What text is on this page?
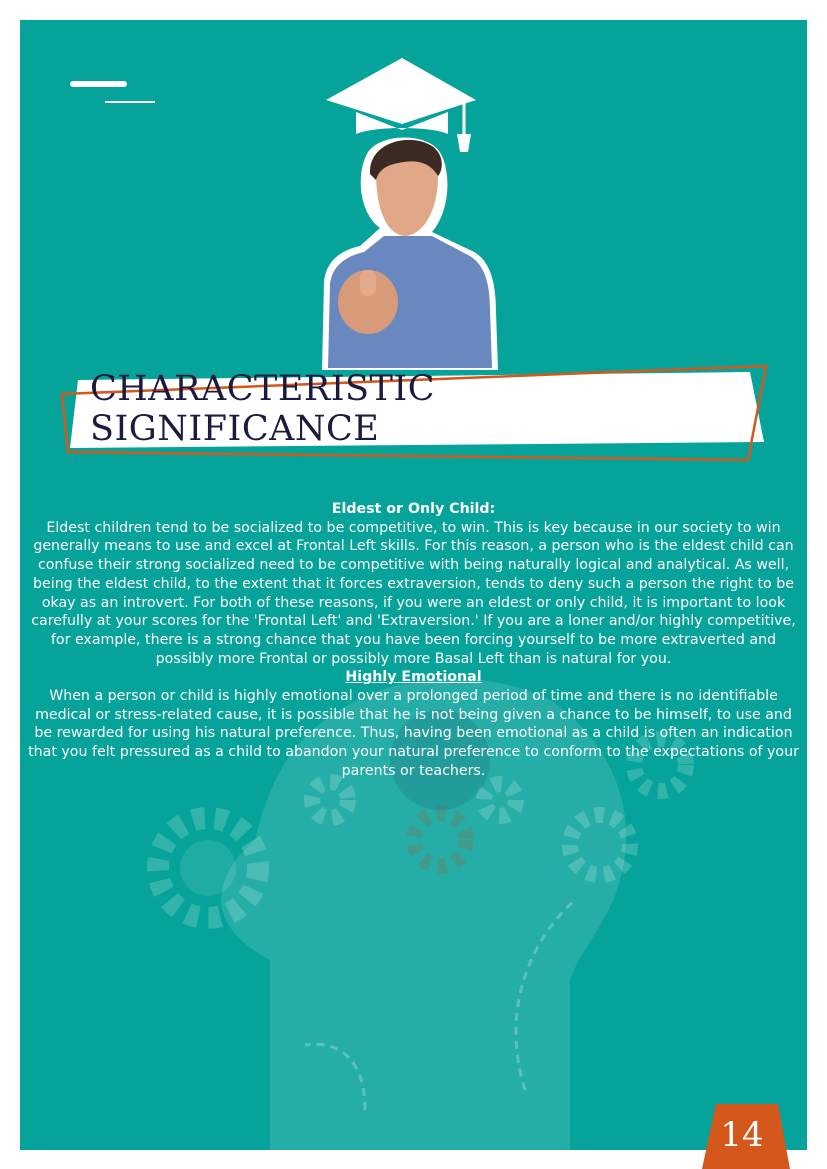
CHARACTERISTIC SIGNIFICANCE
Eldest or Only Child:

Eldest children tend to be socialized to be competitive, to win. This is key because in our society to win generally means to use and excel at Frontal Left skills. For this reason, a person who is the eldest child can confuse their strong socialized need to be competitive with being naturally logical and analytical. As well, being the eldest child, to the extent that it forces extraversion, tends to deny such a person the right to be okay as an introvert. For both of these reasons, if you were an eldest or only child, it is important to look carefully at your scores for the 'Frontal Left' and 'Extraversion.' If you are a loner and/or highly competitive, for example, there is a strong chance that you have been forcing yourself to be more extraverted and possibly more Frontal or possibly more Basal Left than is natural for you.

Highly Emotional

When a person or child is highly emotional over a prolonged period of time and there is no identifiable medical or stress-related cause, it is possible that he is not being given a chance to be himself, to use and be rewarded for using his natural preference. Thus, having been emotional as a child is often an indication that you felt pressured as a child to abandon your natural preference to conform to the expectations of your parents or teachers.

14
